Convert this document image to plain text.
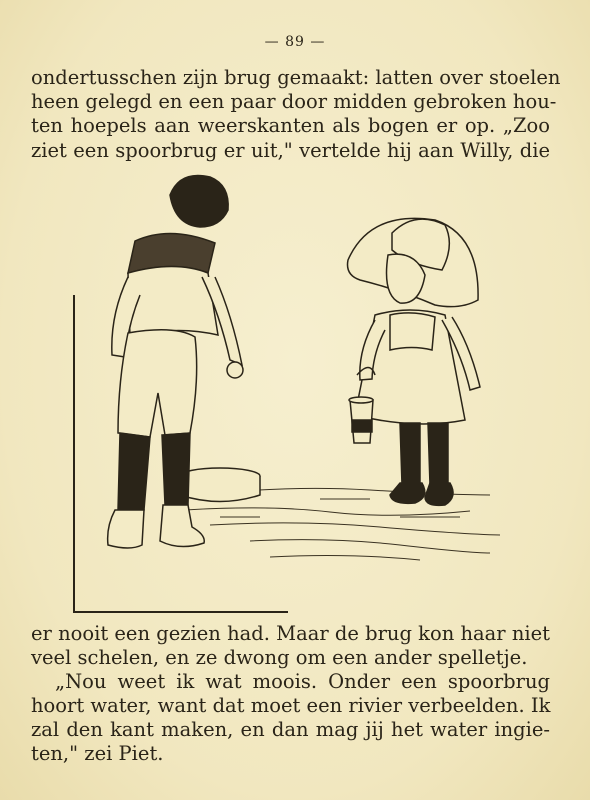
— 89 —
ondertusschen zijn brug gemaakt: latten over stoelen
heen gelegd en een paar door midden gebroken hou-
ten hoepels aan weerskanten als bogen er op. „Zoo
ziet een spoorbrug er uit," vertelde hij aan Willy, die
er nooit een gezien had. Maar de brug kon haar niet
veel schelen, en ze dwong om een ander spelletje.
„Nou weet ik wat moois. Onder een spoorbrug
hoort water, want dat moet een rivier verbeelden. Ik
zal den kant maken, en dan mag jij het water ingie-
ten," zei Piet.
